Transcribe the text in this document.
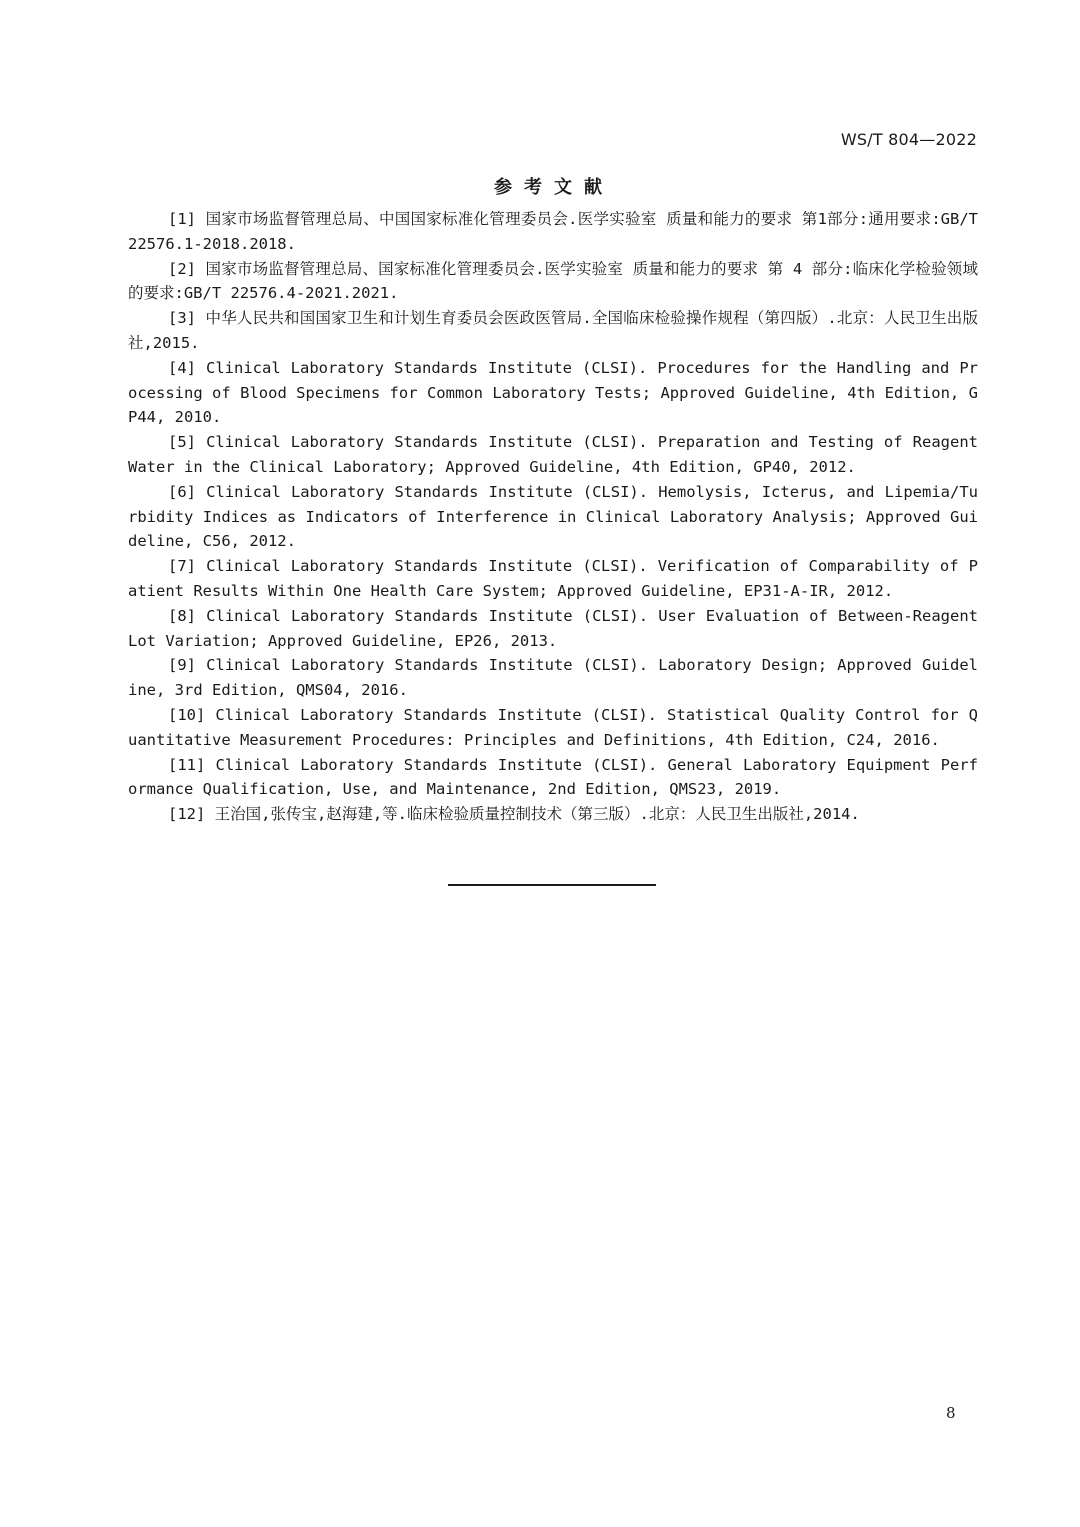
WS/T 804—2022
参考文献
[1] 国家市场监督管理总局、中国国家标准化管理委员会.医学实验室 质量和能力的要求 第1部分:通用要求:GB/T 22576.1-2018.2018.
[2] 国家市场监督管理总局、国家标准化管理委员会.医学实验室 质量和能力的要求 第 4 部分:临床化学检验领域的要求:GB/T 22576.4-2021.2021.
[3] 中华人民共和国国家卫生和计划生育委员会医政医管局.全国临床检验操作规程（第四版）.北京：人民卫生出版社,2015.
[4] Clinical Laboratory Standards Institute (CLSI). Procedures for the Handling and Processing of Blood Specimens for Common Laboratory Tests; Approved Guideline, 4th Edition, GP44, 2010.
[5] Clinical Laboratory Standards Institute (CLSI). Preparation and Testing of Reagent Water in the Clinical Laboratory; Approved Guideline, 4th Edition, GP40, 2012.
[6] Clinical Laboratory Standards Institute (CLSI). Hemolysis, Icterus, and Lipemia/Turbidity Indices as Indicators of Interference in Clinical Laboratory Analysis; Approved Guideline, C56, 2012.
[7] Clinical Laboratory Standards Institute (CLSI). Verification of Comparability of Patient Results Within One Health Care System; Approved Guideline, EP31-A-IR, 2012.
[8] Clinical Laboratory Standards Institute (CLSI). User Evaluation of Between-Reagent Lot Variation; Approved Guideline, EP26, 2013.
[9] Clinical Laboratory Standards Institute (CLSI). Laboratory Design; Approved Guideline, 3rd Edition, QMS04, 2016.
[10] Clinical Laboratory Standards Institute (CLSI). Statistical Quality Control for Quantitative Measurement Procedures: Principles and Definitions, 4th Edition, C24, 2016.
[11] Clinical Laboratory Standards Institute (CLSI). General Laboratory Equipment Performance Qualification, Use, and Maintenance, 2nd Edition, QMS23, 2019.
[12] 王治国,张传宝,赵海建,等.临床检验质量控制技术（第三版）.北京：人民卫生出版社,2014.
8
